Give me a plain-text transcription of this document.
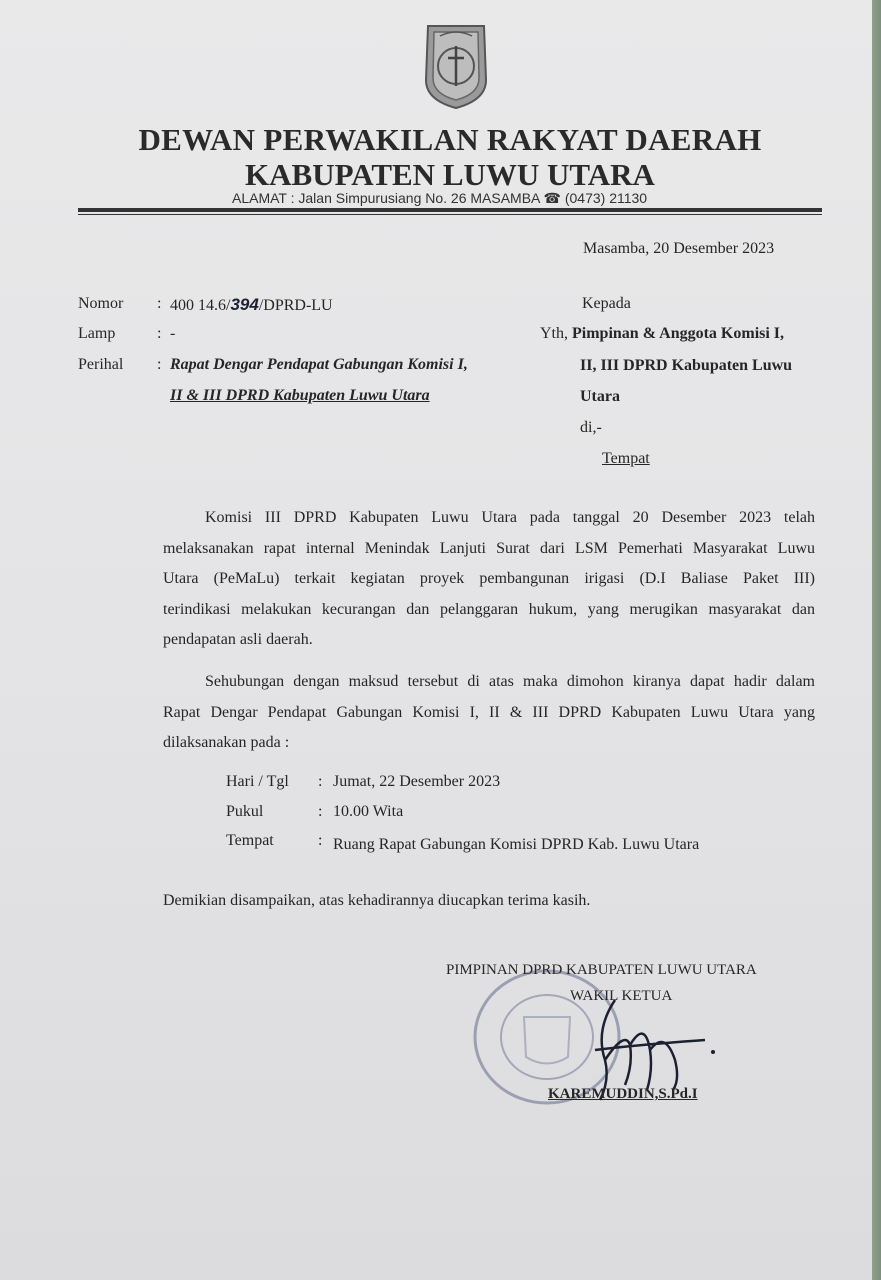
DEWAN PERWAKILAN RAKYAT DAERAH
KABUPATEN LUWU UTARA
ALAMAT : Jalan Simpurusiang No. 26 MASAMBA ☎ (0473) 21130
Masamba, 20 Desember 2023
Nomor : 400 14.6/394/DPRD-LU
Lamp	: -
Perihal : Rapat Dengar Pendapat Gabungan Komisi I,
II & III DPRD Kabupaten Luwu Utara
Kepada
Yth, Pimpinan & Anggota Komisi I,
II, III DPRD Kabupaten Luwu
Utara
di,-
Tempat
Komisi III DPRD Kabupaten Luwu Utara pada tanggal 20 Desember 2023 telah
melaksanakan rapat internal Menindak Lanjuti Surat dari LSM Pemerhati Masyarakat Luwu
Utara (PeMaLu) terkait kegiatan proyek pembangunan irigasi (D.I Baliase Paket III)
terindikasi melakukan kecurangan dan pelanggaran hukum, yang merugikan masyarakat dan
pendapatan asli daerah.
Sehubungan dengan maksud tersebut di atas maka dimohon kiranya dapat hadir dalam
Rapat Dengar Pendapat Gabungan Komisi I, II & III DPRD Kabupaten Luwu Utara yang
dilaksanakan pada :
Hari / Tgl : Jumat, 22 Desember 2023
Pukul	: 10.00 Wita
Tempat	: Ruang Rapat Gabungan Komisi DPRD Kab. Luwu Utara
Demikian disampaikan, atas kehadirannya diucapkan terima kasih.
PIMPINAN DPRD KABUPATEN LUWU UTARA
WAKIL KETUA
KAREMUDDIN,S.Pd.I
